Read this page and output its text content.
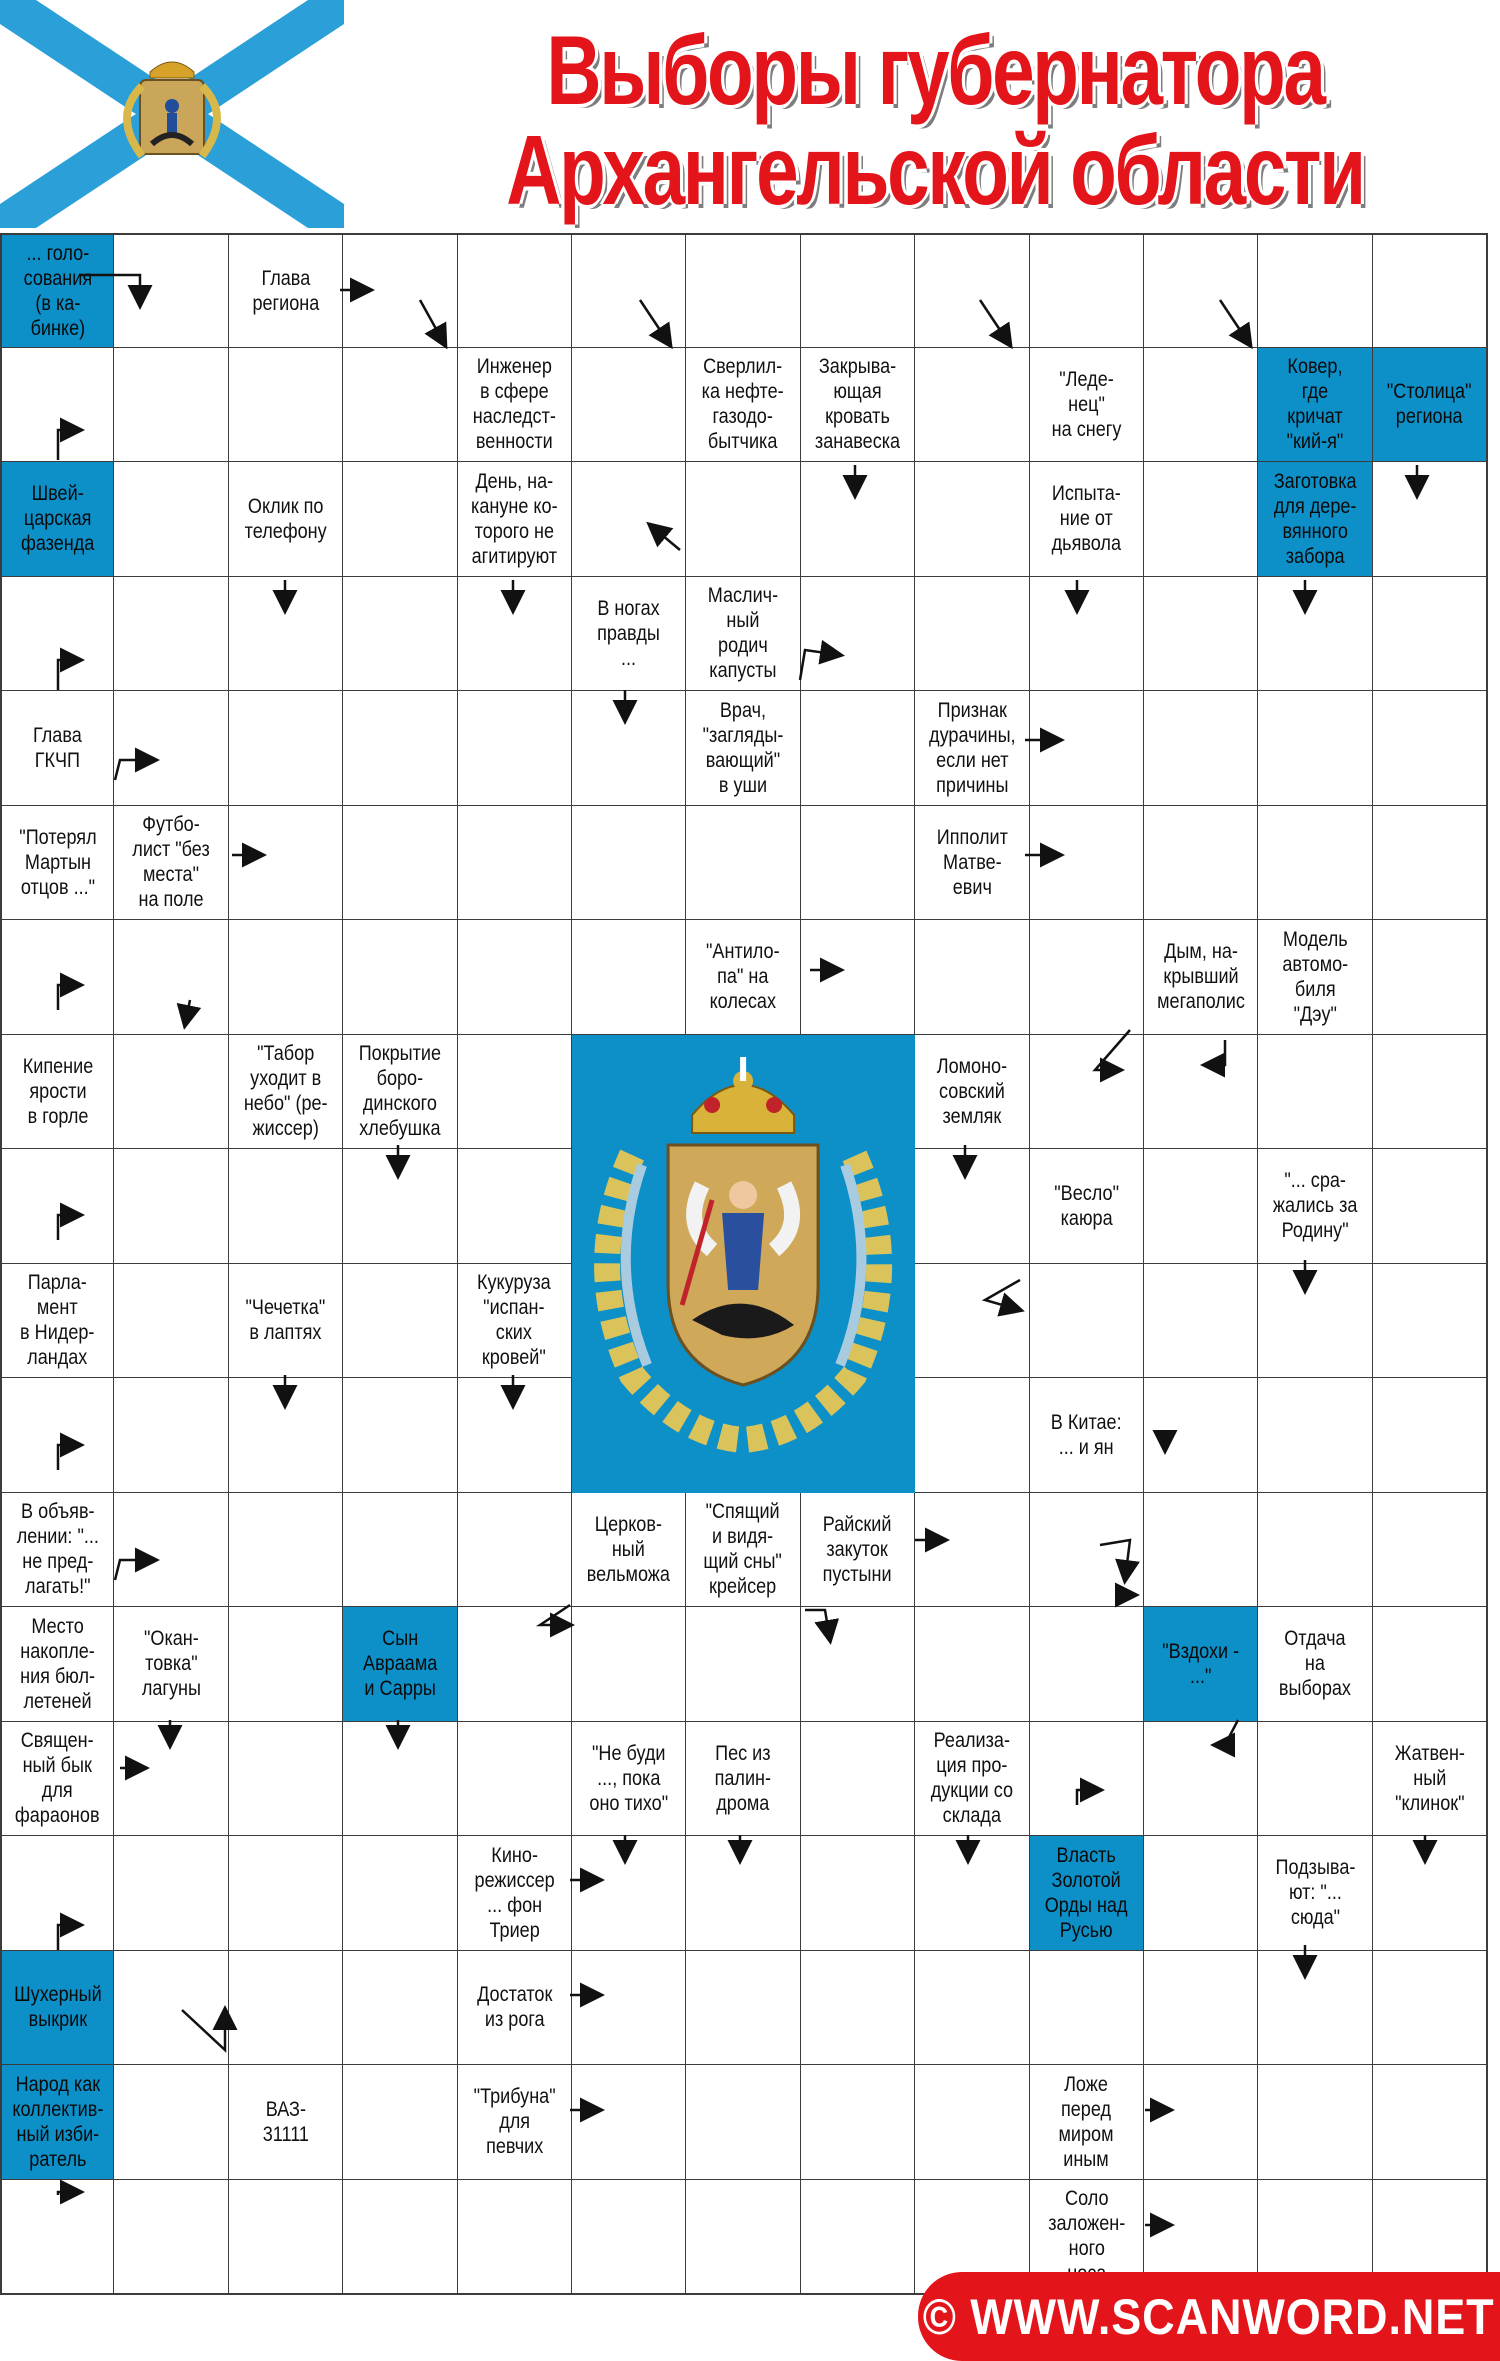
Выборы губернатора
Архангельской области
... голо-
сования
(в ка-
бинке)
Глава
региона
Инженер
в сфере
наследст-
венности
Сверлил-
ка нефте-
газодо-
бытчика
Закрыва-
ющая
кровать
занавеска
"Леде-
нец"
на снегу
Ковер,
где
кричат
"кий-я"
"Столица"
региона
Швей-
царская
фазенда
Оклик по
телефону
День, на-
кануне ко-
торого не
агитируют
Испыта-
ние от
дьявола
Заготовка
для дере-
вянного
забора
В ногах
правды
...
Маслич-
ный
родич
капусты
Глава
ГКЧП
Врач,
"загляды-
вающий"
в уши
Признак
дурачины,
если нет
причины
"Потерял
Мартын
отцов ..."
Футбо-
лист "без
места"
на поле
Ипполит
Матве-
евич
"Антило-
па" на
колесах
Дым, на-
крывший
мегаполис
Модель
автомо-
биля
"Дэу"
Кипение
ярости
в горле
"Табор
уходит в
небо" (ре-
жиссер)
Покрытие
боро-
динского
хлебушка
Ломоно-
совский
земляк
"Весло"
каюра
"... сра-
жались за
Родину"
Парла-
мент
в Нидер-
ландах
"Чечетка"
в лаптях
Кукуруза
"испан-
ских
кровей"
В Китае:
... и ян
В объяв-
лении: "...
не пред-
лагать!"
Церков-
ный
вельможа
"Спящий
и видя-
щий сны"
крейсер
Райский
закуток
пустыни
Место
накопле-
ния бюл-
летеней
"Окан-
товка"
лагуны
Сын
Авраама
и Сарры
"Вздохи -
..."
Отдача
на
выборах
Священ-
ный бык
для
фараонов
"Не буди
..., пока
оно тихо"
Пес из
палин-
дрома
Реализа-
ция про-
дукции со
склада
Жатвен-
ный
"клинок"
Кино-
режиссер
... фон
Триер
Власть
Золотой
Орды над
Русью
Подзыва-
ют: "...
сюда"
Шухерный
выкрик
Достаток
из рога
Народ как
коллектив-
ный изби-
ратель
ВАЗ-
31111
"Трибуна"
для
певчих
Ложе
перед
миром
иным
Соло
заложен-
ного

© WWW.SCANWORD.NET
